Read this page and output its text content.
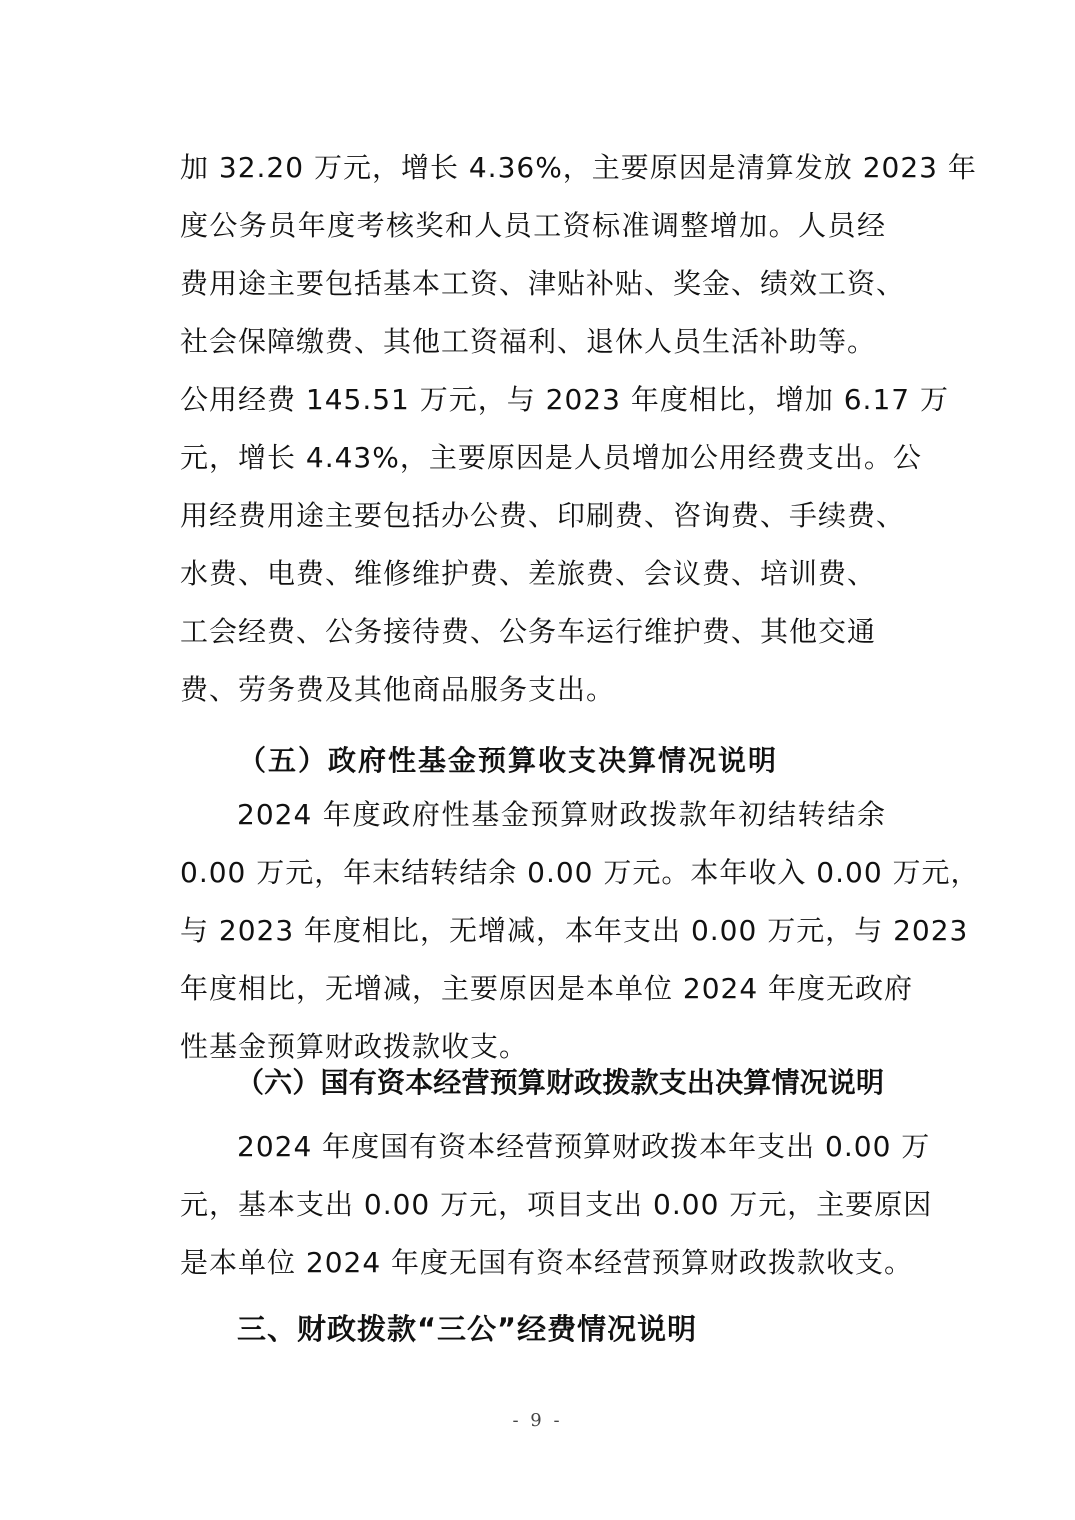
加 32.20 万元，增长 4.36%，主要原因是清算发放 2023 年
度公务员年度考核奖和人员工资标准调整增加。人员经
费用途主要包括基本工资、津贴补贴、奖金、绩效工资、
社会保障缴费、其他工资福利、退休人员生活补助等。
公用经费 145.51 万元，与 2023 年度相比，增加 6.17 万
元，增长 4.43%，主要原因是人员增加公用经费支出。公
用经费用途主要包括办公费、印刷费、咨询费、手续费、
水费、电费、维修维护费、差旅费、会议费、培训费、
工会经费、公务接待费、公务车运行维护费、其他交通
费、劳务费及其他商品服务支出。
（五）政府性基金预算收支决算情况说明
2024 年度政府性基金预算财政拨款年初结转结余
0.00 万元，年末结转结余 0.00 万元。本年收入 0.00 万元，
与 2023 年度相比，无增减，本年支出 0.00 万元，与 2023
年度相比，无增减，主要原因是本单位 2024 年度无政府
性基金预算财政拨款收支。
（六）国有资本经营预算财政拨款支出决算情况说明
2024 年度国有资本经营预算财政拨本年支出 0.00 万
元，基本支出 0.00 万元，项目支出 0.00 万元，主要原因
是本单位 2024 年度无国有资本经营预算财政拨款收支。
三、财政拨款“三公”经费情况说明
- 9 -
